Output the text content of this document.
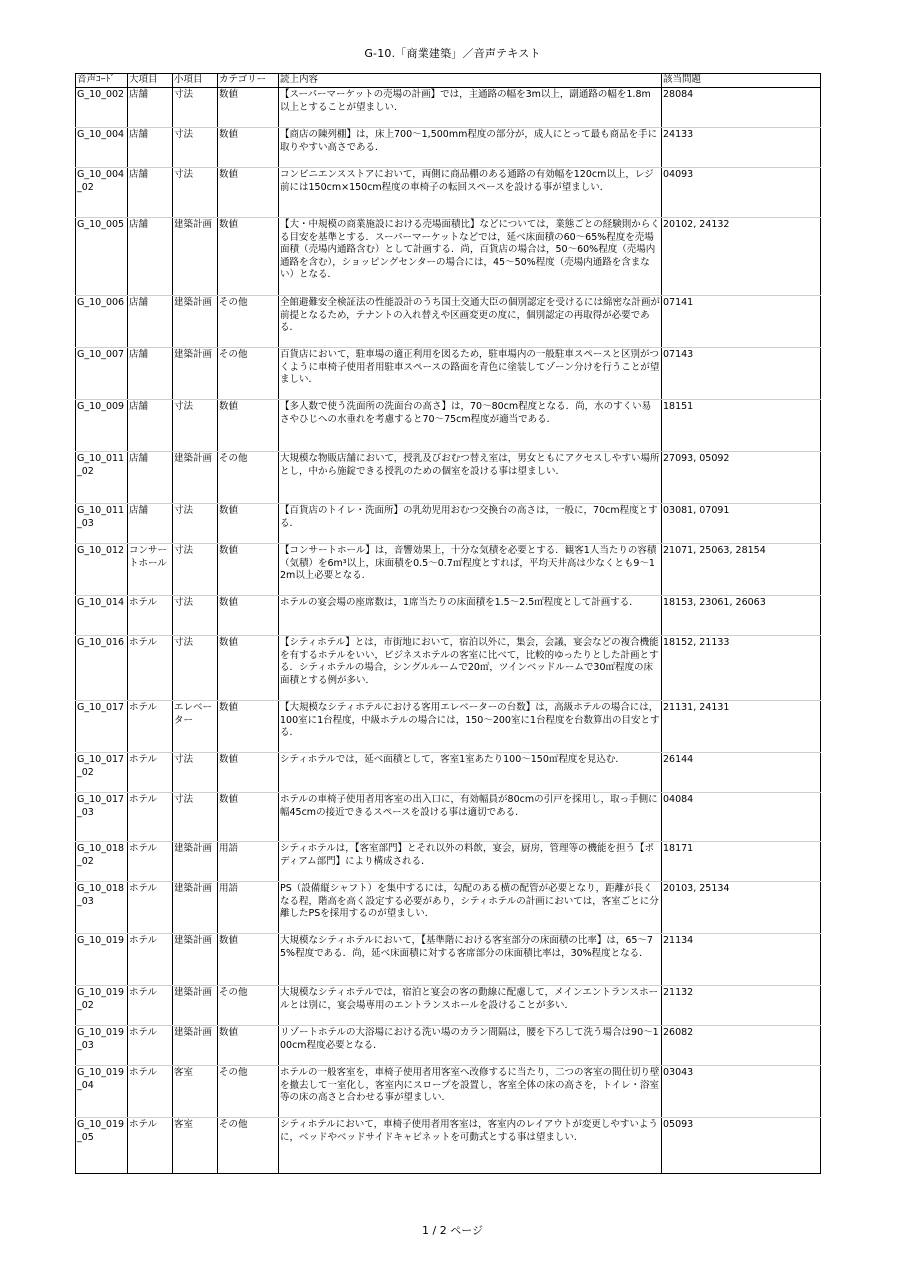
G-10.「商業建築」／音声テキスト
音声ｺｰﾄﾞ	大項目	小項目	カテゴリー	読上内容	該当問題
G_10_002	店舗	寸法	数値	【スーパーマーケットの売場の計画】では，主通路の幅を3m以上，副通路の幅を1.8m以上とすることが望ましい．	28084
G_10_004	店舗	寸法	数値	【商店の陳列棚】は，床上700～1,500mm程度の部分が，成人にとって最も商品を手に取りやすい高さである．	24133
G_10_004_02	店舗	寸法	数値	コンビニエンスストアにおいて，両側に商品棚のある通路の有効幅を120cm以上，レジ前には150cm×150cm程度の車椅子の転回スペースを設ける事が望ましい．	04093
G_10_005	店舗	建築計画	数値	【大・中規模の商業施設における売場面積比】などについては，業態ごとの経験則からくる目安を基準とする．スーパーマーケットなどでは，延べ床面積の60～65%程度を売場面積（売場内通路含む）として計画する．尚，百貨店の場合は，50～60%程度（売場内通路を含む），ショッピングセンターの場合には，45～50%程度（売場内通路を含まない）となる．	20102, 24132
G_10_006	店舗	建築計画	その他	全館避難安全検証法の性能設計のうち国土交通大臣の個別認定を受けるには綿密な計画が前提となるため，テナントの入れ替えや区画変更の度に，個別認定の再取得が必要である．	07141
G_10_007	店舗	建築計画	その他	百貨店において，駐車場の適正利用を図るため，駐車場内の一般駐車スペースと区別がつくように車椅子使用者用駐車スペースの路面を青色に塗装してゾーン分けを行うことが望ましい．	07143
G_10_009	店舗	寸法	数値	【多人数で使う洗面所の洗面台の高さ】は，70～80cm程度となる．尚，水のすくい易さやひじへの水垂れを考慮すると70～75cm程度が適当である．	18151
G_10_011_02	店舗	建築計画	その他	大規模な物販店舗において，授乳及びおむつ替え室は，男女ともにアクセスしやすい場所とし，中から施錠できる授乳のための個室を設ける事は望ましい．	27093, 05092
G_10_011_03	店舗	寸法	数値	【百貨店のトイレ・洗面所】の乳幼児用おむつ交換台の高さは，一般に，70cm程度とする．	03081, 07091
G_10_012	コンサートホール	寸法	数値	【コンサートホール】は，音響効果上，十分な気積を必要とする．観客1人当たりの容積（気積）を6m³以上，床面積を0.5～0.7㎡程度とすれば，平均天井高は少なくとも9～12m以上必要となる．	21071, 25063, 28154
G_10_014	ホテル	寸法	数値	ホテルの宴会場の座席数は，1席当たりの床面積を1.5～2.5㎡程度として計画する．	18153, 23061, 26063
G_10_016	ホテル	寸法	数値	【シティホテル】とは，市街地において，宿泊以外に，集会，会議，宴会などの複合機能を有するホテルをいい，ビジネスホテルの客室に比べて，比較的ゆったりとした計画とする．シティホテルの場合，シングルルームで20㎡，ツインベッドルームで30㎡程度の床面積とする例が多い．	18152, 21133
G_10_017	ホテル	エレベーター	数値	【大規模なシティホテルにおける客用エレベーターの台数】は，高級ホテルの場合には，100室に1台程度，中級ホテルの場合には，150～200室に1台程度を台数算出の目安とする．	21131, 24131
G_10_017_02	ホテル	寸法	数値	シティホテルでは，延べ面積として，客室1室あたり100～150㎡程度を見込む．	26144
G_10_017_03	ホテル	寸法	数値	ホテルの車椅子使用者用客室の出入口に，有効幅員が80cmの引戸を採用し，取っ手側に幅45cmの接近できるスペースを設ける事は適切である．	04084
G_10_018_02	ホテル	建築計画	用語	シティホテルは，【客室部門】とそれ以外の料飲，宴会，厨房，管理等の機能を担う【ポディアム部門】により構成される．	18171
G_10_018_03	ホテル	建築計画	用語	PS（設備縦シャフト）を集中するには，勾配のある横の配管が必要となり，距離が長くなる程，階高を高く設定する必要があり，シティホテルの計画においては，客室ごとに分離したPSを採用するのが望ましい．	20103, 25134
G_10_019	ホテル	建築計画	数値	大規模なシティホテルにおいて，【基準階における客室部分の床面積の比率】は，65～75%程度である．尚，延べ床面積に対する客席部分の床面積比率は，30%程度となる．	21134
G_10_019_02	ホテル	建築計画	その他	大規模なシティホテルでは，宿泊と宴会の客の動線に配慮して，メインエントランスホールとは別に，宴会場専用のエントランスホールを設けることが多い．	21132
G_10_019_03	ホテル	建築計画	数値	リゾートホテルの大浴場における洗い場のカラン間隔は，腰を下ろして洗う場合は90～100cm程度必要となる．	26082
G_10_019_04	ホテル	客室	その他	ホテルの一般客室を，車椅子使用者用客室へ改修するに当たり，二つの客室の間仕切り壁を撤去して一室化し，客室内にスロープを設置し，客室全体の床の高さを，トイレ・浴室等の床の高さと合わせる事が望ましい．	03043
G_10_019_05	ホテル	客室	その他	シティホテルにおいて，車椅子使用者用客室は，客室内のレイアウトが変更しやすいように，ベッドやベッドサイドキャビネットを可動式とする事は望ましい．	05093
1 / 2 ページ
